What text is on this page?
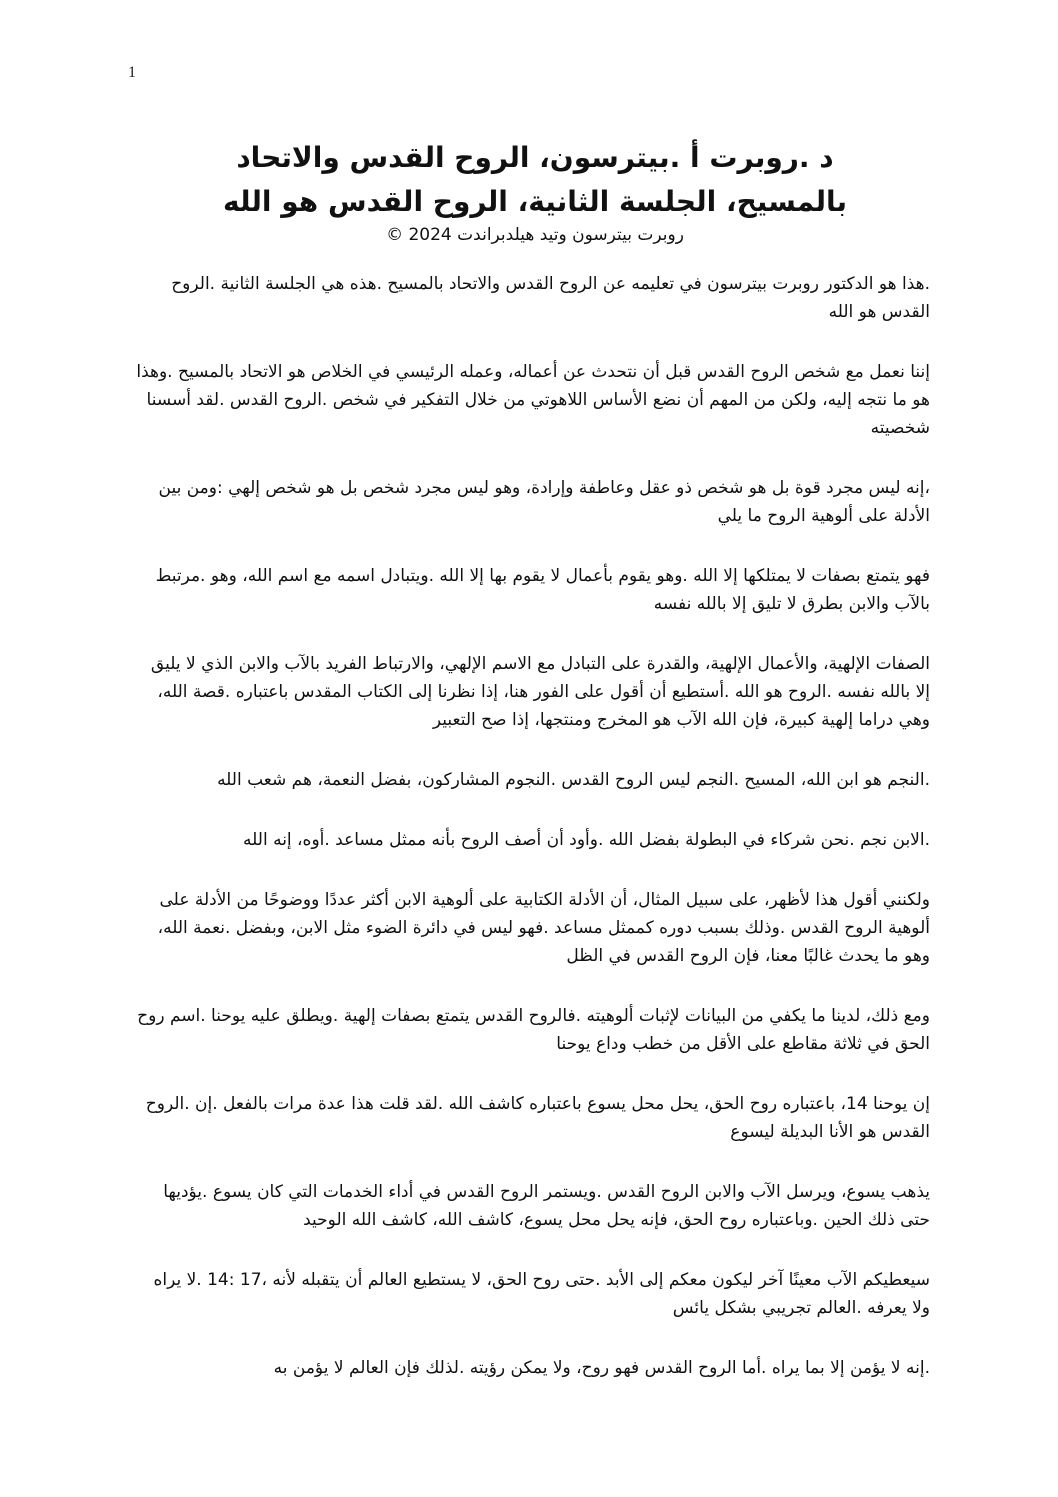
1
د .روبرت أ .بيترسون، الروح القدس والاتحاد
بالمسيح، الجلسة الثانية، الروح القدس هو الله

روبرت بيترسون وتيد هيلدبراندت 2024 ©

.هذا هو الدكتور روبرت بيترسون في تعليمه عن الروح القدس والاتحاد بالمسيح .هذه هي الجلسة الثانية .الروح القدس هو الله

إننا نعمل مع شخص الروح القدس قبل أن نتحدث عن أعماله، وعمله الرئيسي في الخلاص هو الاتحاد بالمسيح .وهذا هو ما نتجه إليه، ولكن من المهم أن نضع الأساس اللاهوتي من خلال التفكير في شخص .الروح القدس .لقد أسسنا شخصيته

،إنه ليس مجرد قوة بل هو شخص ذو عقل وعاطفة وإرادة، وهو ليس مجرد شخص بل هو شخص إلهي :ومن بين الأدلة على ألوهية الروح ما يلي

فهو يتمتع بصفات لا يمتلكها إلا الله .وهو يقوم بأعمال لا يقوم بها إلا الله .ويتبادل اسمه مع اسم الله، وهو .مرتبط بالآب والابن بطرق لا تليق إلا بالله نفسه

الصفات الإلهية، والأعمال الإلهية، والقدرة على التبادل مع الاسم الإلهي، والارتباط الفريد بالآب والابن الذي لا يليق إلا بالله نفسه .الروح هو الله .أستطيع أن أقول على الفور هنا، إذا نظرنا إلى الكتاب المقدس باعتباره .قصة الله، وهي دراما إلهية كبيرة، فإن الله الآب هو المخرج ومنتجها، إذا صح التعبير

.النجم هو ابن الله، المسيح .النجم ليس الروح القدس .النجوم المشاركون، بفضل النعمة، هم شعب الله

.الابن نجم .نحن شركاء في البطولة بفضل الله .وأود أن أصف الروح بأنه ممثل مساعد .أوه، إنه الله

ولكنني أقول هذا لأظهر، على سبيل المثال، أن الأدلة الكتابية على ألوهية الابن أكثر عددًا ووضوحًا من الأدلة على ألوهية الروح القدس .وذلك بسبب دوره كممثل مساعد .فهو ليس في دائرة الضوء مثل الابن، وبفضل .نعمة الله، وهو ما يحدث غالبًا معنا، فإن الروح القدس في الظل

ومع ذلك، لدينا ما يكفي من البيانات لإثبات ألوهيته .فالروح القدس يتمتع بصفات إلهية .ويطلق عليه يوحنا .اسم روح الحق في ثلاثة مقاطع على الأقل من خطب وداع يوحنا

إن يوحنا 14، باعتباره روح الحق، يحل محل يسوع باعتباره كاشف الله .لقد قلت هذا عدة مرات بالفعل .إن .الروح القدس هو الأنا البديلة ليسوع

يذهب يسوع، ويرسل الآب والابن الروح القدس .ويستمر الروح القدس في أداء الخدمات التي كان يسوع .يؤديها حتى ذلك الحين .وباعتباره روح الحق، فإنه يحل محل يسوع، كاشف الله، كاشف الله الوحيد

سيعطيكم الآب معينًا آخر ليكون معكم إلى الأبد .حتى روح الحق، لا يستطيع العالم أن يتقبله لأنه ،17 :14 .لا يراه ولا يعرفه .العالم تجريبي بشكل يائس

.إنه لا يؤمن إلا بما يراه .أما الروح القدس فهو روح، ولا يمكن رؤيته .لذلك فإن العالم لا يؤمن به
